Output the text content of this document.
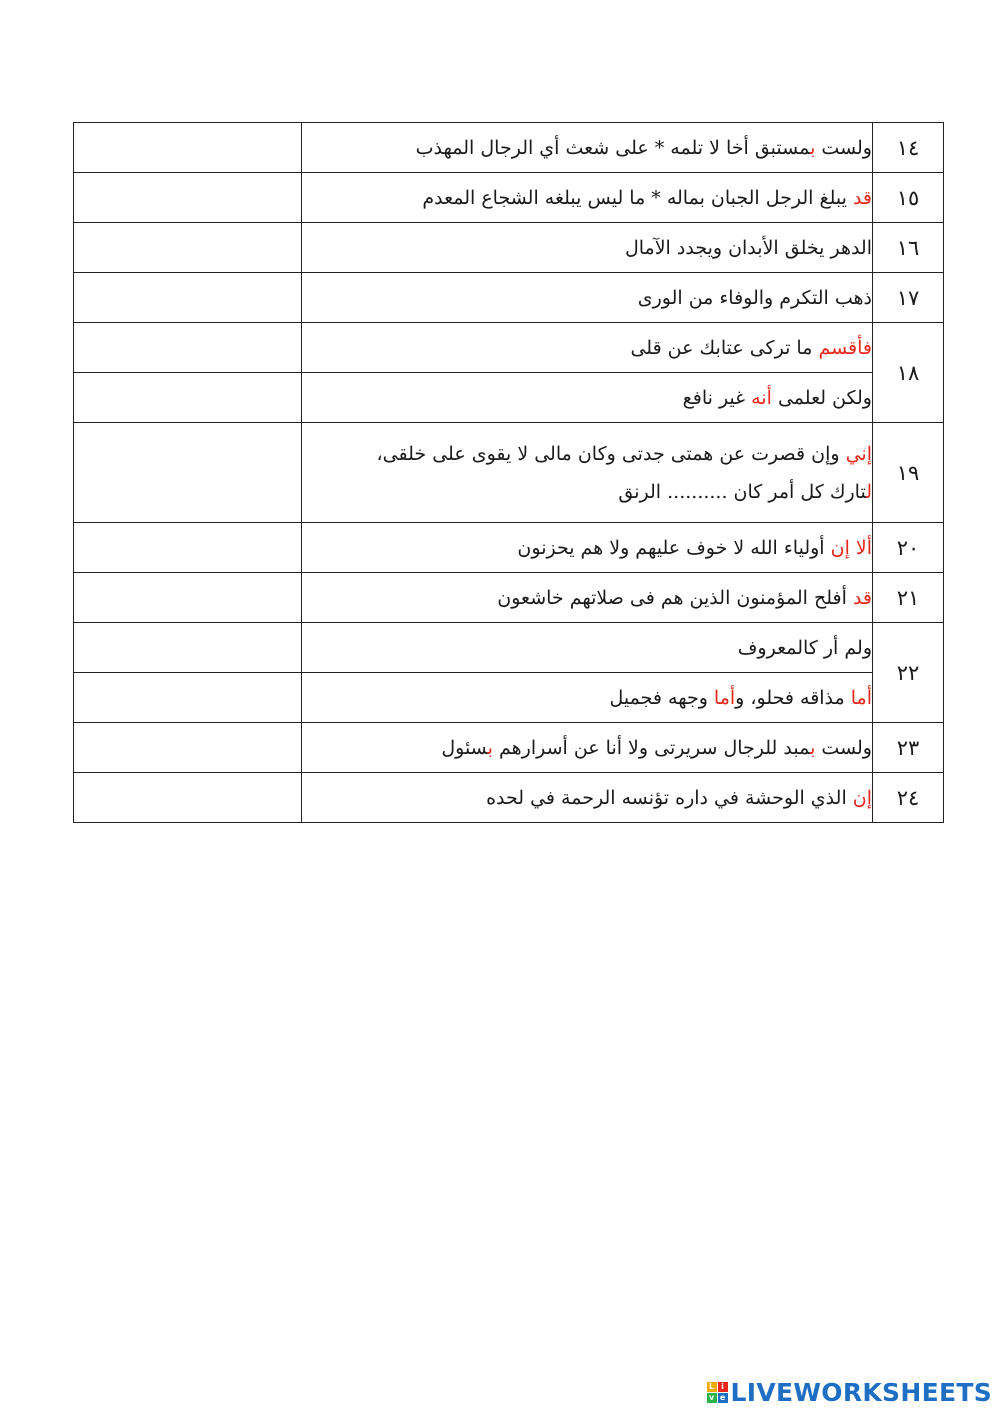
١٤	ولست بمستبق أخا لا تلمه * على شعث أي الرجال المهذب	
١٥	قد يبلغ الرجل الجبان بماله * ما ليس يبلغه الشجاع المعدم	
١٦	الدهر يخلق الأبدان ويجدد الآمال	
١٧	ذهب التكرم والوفاء من الورى	
١٨	فأقسم ما تركى عتابك عن قلى	
	ولكن لعلمى أنه غير نافع	
١٩	إني وإن قصرت عن همتى جدتى وكان مالى لا يقوى على خلقى،
لتارك كل أمر كان .......... الرنق	

٢٠	ألا إن أولياء الله لا خوف عليهم ولا هم يحزنون	
٢١	قد أفلح المؤمنون الذين هم فى صلاتهم خاشعون	
٢٢	ولم أر كالمعروف	
	أما مذاقه فحلو، وأما وجهه فجميل	
٢٣	ولست بمبد للرجال سريرتى ولا أنا عن أسرارهم بسئول	
٢٤	إن الذي الوحشة في داره تؤنسه الرحمة في لحده	
L i
v e LIVEWORKSHEETS
